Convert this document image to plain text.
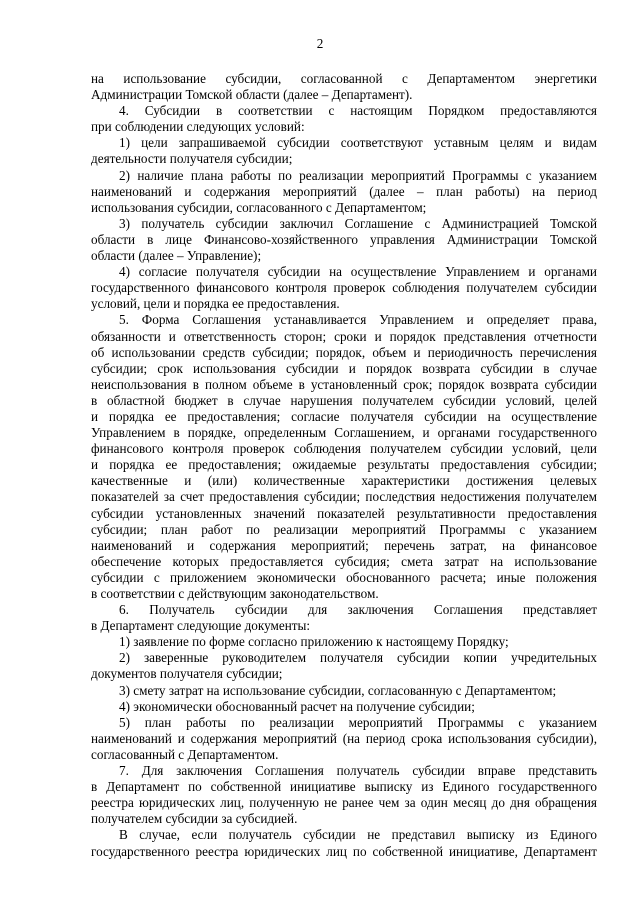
2
на использование субсидии, согласованной с Департаментом энергетики
Администрации Томской области (далее – Департамент).
4. Субсидии в соответствии с настоящим Порядком предоставляются
при соблюдении следующих условий:
1) цели запрашиваемой субсидии соответствуют уставным целям и видам
деятельности получателя субсидии;
2) наличие плана работы по реализации мероприятий Программы с указанием
наименований и содержания мероприятий (далее – план работы) на период
использования субсидии, согласованного с Департаментом;
3) получатель субсидии заключил Соглашение с Администрацией Томской
области в лице Финансово-хозяйственного управления Администрации Томской
области (далее – Управление);
4) согласие получателя субсидии на осуществление Управлением и органами
государственного финансового контроля проверок соблюдения получателем субсидии
условий, цели и порядка ее предоставления.
5. Форма Соглашения устанавливается Управлением и определяет права,
обязанности и ответственность сторон; сроки и порядок представления отчетности
об использовании средств субсидии; порядок, объем и периодичность перечисления
субсидии; срок использования субсидии и порядок возврата субсидии в случае
неиспользования в полном объеме в установленный срок; порядок возврата субсидии
в областной бюджет в случае нарушения получателем субсидии условий, целей
и порядка ее предоставления; согласие получателя субсидии на осуществление
Управлением в порядке, определенным Соглашением, и органами государственного
финансового контроля проверок соблюдения получателем субсидии условий, цели
и порядка ее предоставления; ожидаемые результаты предоставления субсидии;
качественные и (или) количественные характеристики достижения целевых
показателей за счет предоставления субсидии; последствия недостижения получателем
субсидии установленных значений показателей результативности предоставления
субсидии; план работ по реализации мероприятий Программы с указанием
наименований и содержания мероприятий; перечень затрат, на финансовое
обеспечение которых предоставляется субсидия; смета затрат на использование
субсидии с приложением экономически обоснованного расчета; иные положения
в соответствии с действующим законодательством.
6. Получатель субсидии для заключения Соглашения представляет
в Департамент следующие документы:
1) заявление по форме согласно приложению к настоящему Порядку;
2) заверенные руководителем получателя субсидии копии учредительных
документов получателя субсидии;
3) смету затрат на использование субсидии, согласованную с Департаментом;
4) экономически обоснованный расчет на получение субсидии;
5) план работы по реализации мероприятий Программы с указанием
наименований и содержания мероприятий (на период срока использования субсидии),
согласованный с Департаментом.
7. Для заключения Соглашения получатель субсидии вправе представить
в Департамент по собственной инициативе выписку из Единого государственного
реестра юридических лиц, полученную не ранее чем за один месяц до дня обращения
получателем субсидии за субсидией.
В случае, если получатель субсидии не представил выписку из Единого
государственного реестра юридических лиц по собственной инициативе, Департамент
